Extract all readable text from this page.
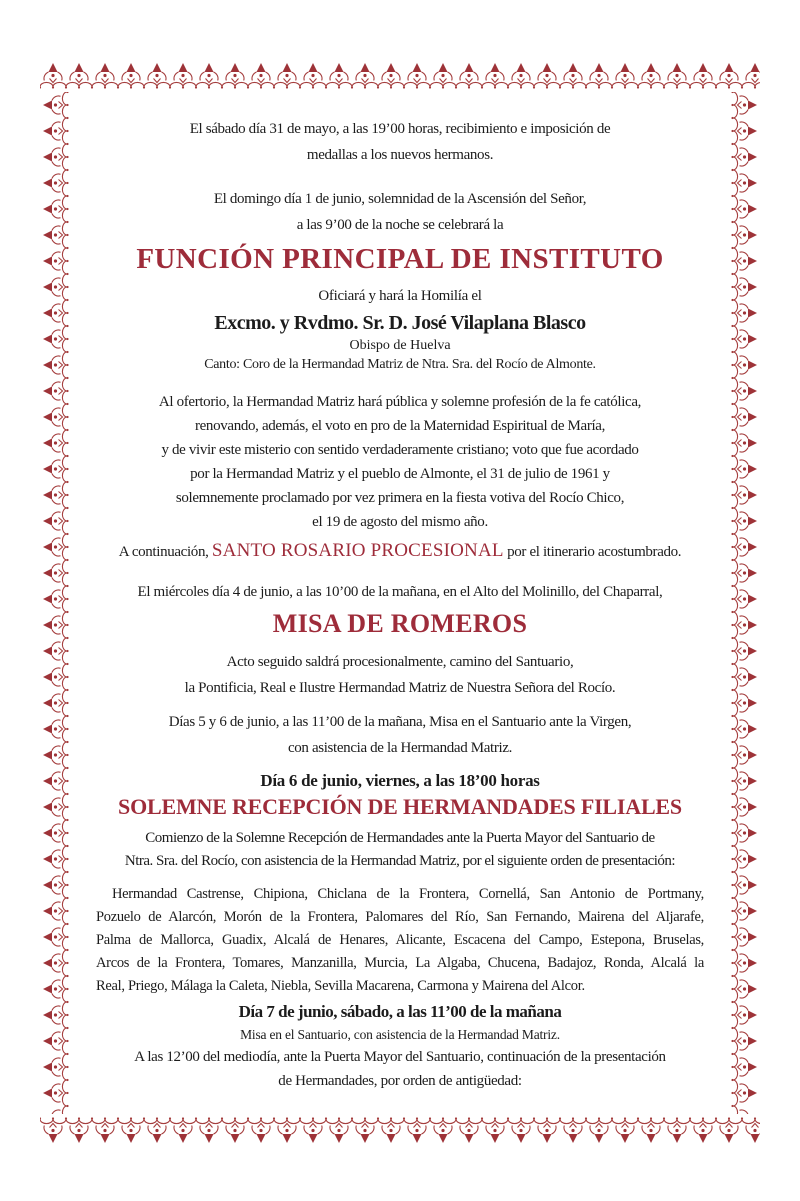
El sábado día 31 de mayo, a las 19’00 horas, recibimiento e imposición de
medallas a los nuevos hermanos.
El domingo día 1 de junio, solemnidad de la Ascensión del Señor,
a las 9’00 de la noche se celebrará la
FUNCIÓN PRINCIPAL DE INSTITUTO
Oficiará y hará la Homilía el
Excmo. y Rvdmo. Sr. D. José Vilaplana Blasco
Obispo de Huelva
Canto: Coro de la Hermandad Matriz de Ntra. Sra. del Rocío de Almonte.
Al ofertorio, la Hermandad Matriz hará pública y solemne profesión de la fe católica,
renovando, además, el voto en pro de la Maternidad Espiritual de María,
y de vivir este misterio con sentido verdaderamente cristiano; voto que fue acordado
por la Hermandad Matriz y el pueblo de Almonte, el 31 de julio de 1961 y
solemnemente proclamado por vez primera en la fiesta votiva del Rocío Chico,
el 19 de agosto del mismo año.
A continuación, SANTO ROSARIO PROCESIONAL por el itinerario acostumbrado.
El miércoles día 4 de junio, a las 10’00 de la mañana, en el Alto del Molinillo, del Chaparral,
MISA DE ROMEROS
Acto seguido saldrá procesionalmente, camino del Santuario,
la Pontificia, Real e Ilustre Hermandad Matriz de Nuestra Señora del Rocío.
Días 5 y 6 de junio, a las 11’00 de la mañana, Misa en el Santuario ante la Virgen,
con asistencia de la Hermandad Matriz.
Día 6 de junio, viernes, a las 18’00 horas
SOLEMNE RECEPCIÓN DE HERMANDADES FILIALES
Comienzo de la Solemne Recepción de Hermandades ante la Puerta Mayor del Santuario de
Ntra. Sra. del Rocío, con asistencia de la Hermandad Matriz, por el siguiente orden de presentación:
Hermandad Castrense, Chipiona, Chiclana de la Frontera, Cornellá, San Antonio de Portmany,
Pozuelo de Alarcón, Morón de la Frontera, Palomares del Río, San Fernando, Mairena del Aljarafe,
Palma de Mallorca, Guadix, Alcalá de Henares, Alicante, Escacena del Campo, Estepona, Bruselas,
Arcos de la Frontera, Tomares, Manzanilla, Murcia, La Algaba, Chucena, Badajoz, Ronda, Alcalá la
Real, Priego, Málaga la Caleta, Niebla, Sevilla Macarena, Carmona y Mairena del Alcor.
Día 7 de junio, sábado, a las 11’00 de la mañana
Misa en el Santuario, con asistencia de la Hermandad Matriz.
A las 12’00 del mediodía, ante la Puerta Mayor del Santuario, continuación de la presentación
de Hermandades, por orden de antigüedad:
